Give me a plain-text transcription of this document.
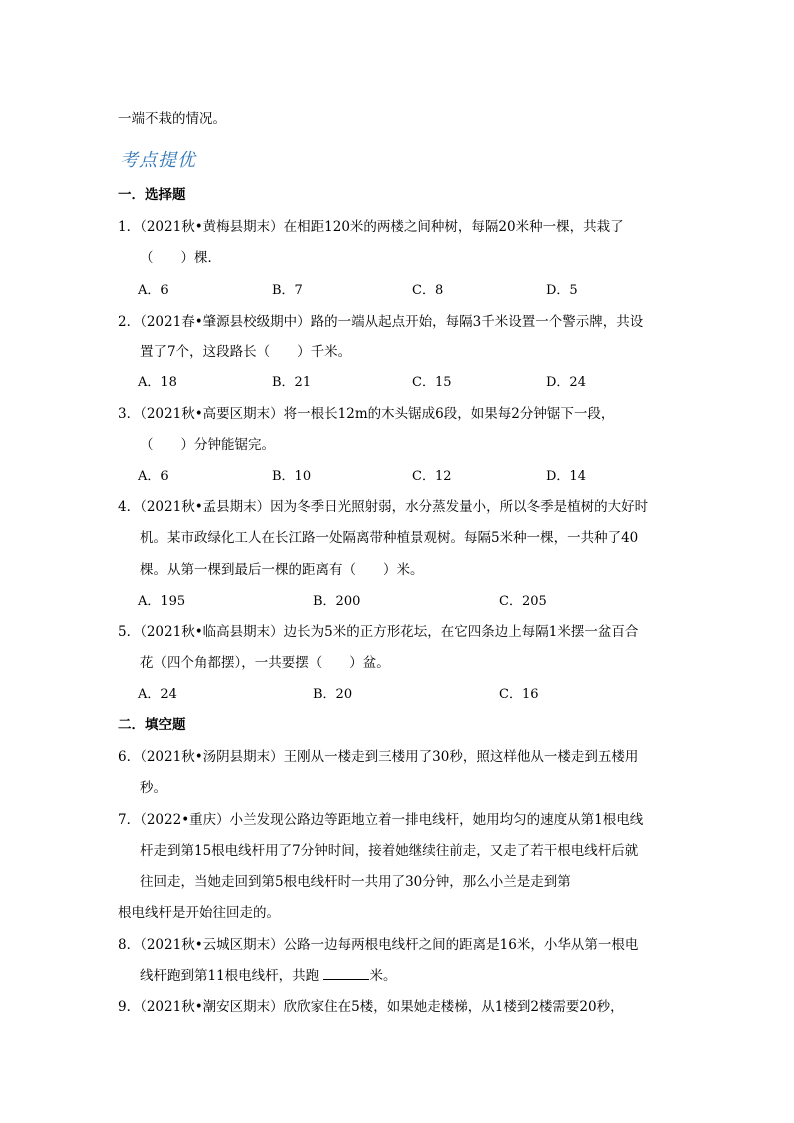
一端不栽的情况。
考点提优
一．选择题
1．（2021秋•黄梅县期末）在相距120米的两楼之间种树，每隔20米种一棵，共栽了
（　　）棵．
A．6	B．7	C．8	D．5
2．（2021春•肇源县校级期中）路的一端从起点开始，每隔3千米设置一个警示牌，共设
置了7个，这段路长（　　）千米。
A．18	B．21	C．15	D．24
3．（2021秋•高要区期末）将一根长12m的木头锯成6段，如果每2分钟锯下一段，
（　　）分钟能锯完。
A．6	B．10	C．12	D．14
4．（2021秋•孟县期末）因为冬季日光照射弱，水分蒸发量小，所以冬季是植树的大好时
机。某市政绿化工人在长江路一处隔离带种植景观树。每隔5米种一棵，一共种了40
棵。从第一棵到最后一棵的距离有（　　）米。
A．195	B．200	C．205
5．（2021秋•临高县期末）边长为5米的正方形花坛，在它四条边上每隔1米摆一盆百合
花（四个角都摆），一共要摆（　　）盆。
A．24	B．20	C．16
二．填空题
6．（2021秋•汤阴县期末）王刚从一楼走到三楼用了30秒，照这样他从一楼走到五楼用
秒。
7．（2022•重庆）小兰发现公路边等距地立着一排电线杆，她用均匀的速度从第1根电线
杆走到第15根电线杆用了7分钟时间，接着她继续往前走，又走了若干根电线杆后就
往回走，当她走回到第5根电线杆时一共用了30分钟，那么小兰是走到第
根电线杆是开始往回走的。
8．（2021秋•云城区期末）公路一边每两根电线杆之间的距离是16米，小华从第一根电
线杆跑到第11根电线杆，共跑	米。
9．（2021秋•潮安区期末）欣欣家住在5楼，如果她走楼梯，从1楼到2楼需要20秒，
